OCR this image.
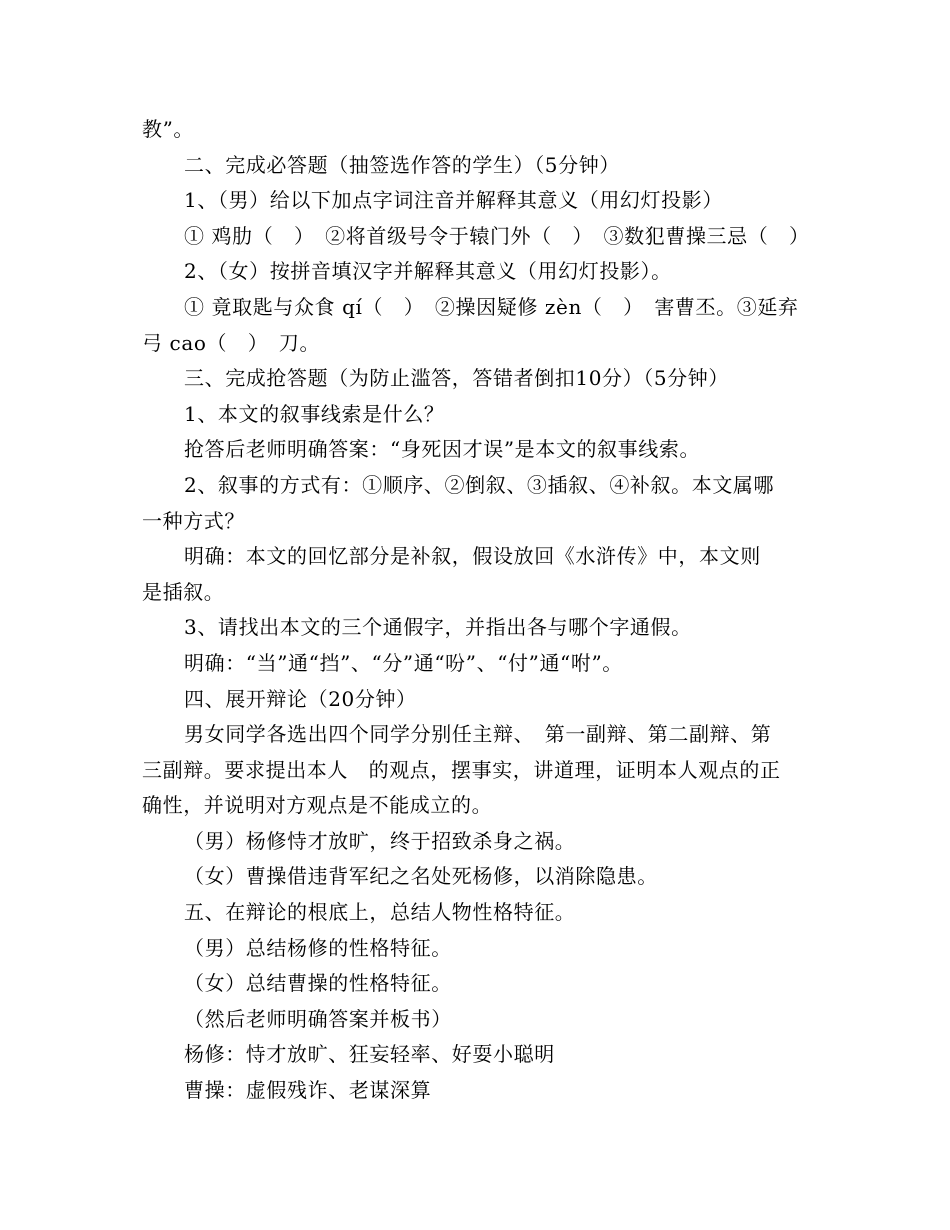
教”。
二、完成必答题（抽签选作答的学生）（5分钟）
1、（男）给以下加点字词注音并解释其意义（用幻灯投影）
① 鸡肋（　）　②将首级号令于辕门外（　）　③数犯曹操三忌（　）
2、（女）按拼音填汉字并解释其意义（用幻灯投影）。
① 竟取匙与众食 qí（　）　②操因疑修 zèn（　）　害曹丕。③延弃
弓 cao（　）　刀。
三、完成抢答题（为防止滥答，答错者倒扣10分）（5分钟）
1、本文的叙事线索是什么？
抢答后老师明确答案：“身死因才误”是本文的叙事线索。
2、叙事的方式有：①顺序、②倒叙、③插叙、④补叙。本文属哪
一种方式？
明确：本文的回忆部分是补叙，假设放回《水浒传》中，本文则
是插叙。
3、请找出本文的三个通假字，并指出各与哪个字通假。
明确：“当”通“挡”、“分”通“吩”、“付”通“咐”。
四、展开辩论（20分钟）
男女同学各选出四个同学分别任主辩、　第一副辩、第二副辩、第
三副辩。要求提出本人　的观点，摆事实，讲道理，证明本人观点的正
确性，并说明对方观点是不能成立的。
（男）杨修恃才放旷，终于招致杀身之祸。
（女）曹操借违背军纪之名处死杨修，以消除隐患。
五、在辩论的根底上，总结人物性格特征。
（男）总结杨修的性格特征。
（女）总结曹操的性格特征。
（然后老师明确答案并板书）
杨修：恃才放旷、狂妄轻率、好耍小聪明
曹操：虚假残诈、老谋深算
